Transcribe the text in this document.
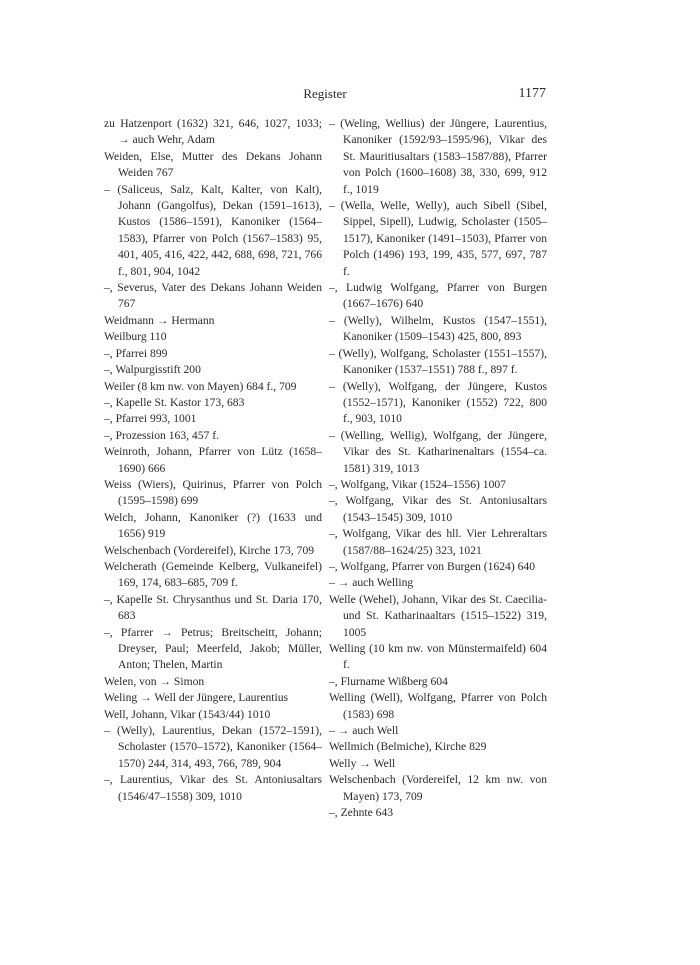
Register	1177

zu Hatzenport (1632) 321, 646, 1027, 1033; → auch Wehr, Adam

Weiden, Else, Mutter des Dekans Johann Weiden 767

– (Saliceus, Salz, Kalt, Kalter, von Kalt), Johann (Gangolfus), Dekan (1591–1613), Kustos (1586–1591), Kanoniker (1564–1583), Pfarrer von Polch (1567–1583) 95, 401, 405, 416, 422, 442, 688, 698, 721, 766 f., 801, 904, 1042

–, Severus, Vater des Dekans Johann Weiden 767

Weidmann → Hermann

Weilburg 110

–, Pfarrei 899

–, Walpurgisstift 200

Weiler (8 km nw. von Mayen) 684 f., 709

–, Kapelle St. Kastor 173, 683

–, Pfarrei 993, 1001

–, Prozession 163, 457 f.

Weinroth, Johann, Pfarrer von Lütz (1658–1690) 666

Weiss (Wiers), Quirinus, Pfarrer von Polch (1595–1598) 699

Welch, Johann, Kanoniker (?) (1633 und 1656) 919

Welschenbach (Vordereifel), Kirche 173, 709

Welcherath (Gemeinde Kelberg, Vulkaneifel) 169, 174, 683–685, 709 f.

–, Kapelle St. Chrysanthus und St. Daria 170, 683

–, Pfarrer → Petrus; Breitscheitt, Johann; Dreyser, Paul; Meerfeld, Jakob; Müller, Anton; Thelen, Martin

Welen, von → Simon

Weling → Well der Jüngere, Laurentius

Well, Johann, Vikar (1543/44) 1010

– (Welly), Laurentius, Dekan (1572–1591), Scholaster (1570–1572), Kanoniker (1564–1570) 244, 314, 493, 766, 789, 904

–, Laurentius, Vikar des St. Antoniusaltars (1546/47–1558) 309, 1010

– (Weling, Wellius) der Jüngere, Laurentius, Kanoniker (1592/93–1595/96), Vikar des St. Mauritiusaltars (1583–1587/88), Pfarrer von Polch (1600–1608) 38, 330, 699, 912 f., 1019

– (Wella, Welle, Welly), auch Sibell (Sibel, Sippel, Sipell), Ludwig, Scholaster (1505–1517), Kanoniker (1491–1503), Pfarrer von Polch (1496) 193, 199, 435, 577, 697, 787 f.

–, Ludwig Wolfgang, Pfarrer von Burgen (1667–1676) 640

– (Welly), Wilhelm, Kustos (1547–1551), Kanoniker (1509–1543) 425, 800, 893

– (Welly), Wolfgang, Scholaster (1551–1557), Kanoniker (1537–1551) 788 f., 897 f.

– (Welly), Wolfgang, der Jüngere, Kustos (1552–1571), Kanoniker (1552) 722, 800 f., 903, 1010

– (Welling, Wellig), Wolfgang, der Jüngere, Vikar des St. Katharinenaltars (1554–ca. 1581) 319, 1013

–, Wolfgang, Vikar (1524–1556) 1007

–, Wolfgang, Vikar des St. Antoniusaltars (1543–1545) 309, 1010

–, Wolfgang, Vikar des hll. Vier Lehreraltars (1587/88–1624/25) 323, 1021

–, Wolfgang, Pfarrer von Burgen (1624) 640

– → auch Welling

Welle (Wehel), Johann, Vikar des St. Caecilia- und St. Katharinaaltars (1515–1522) 319, 1005

Welling (10 km nw. von Münstermaifeld) 604 f.

–, Flurname Wißberg 604

Welling (Well), Wolfgang, Pfarrer von Polch (1583) 698

– → auch Well

Wellmich (Belmiche), Kirche 829

Welly → Well

Welschenbach (Vordereifel, 12 km nw. von Mayen) 173, 709

–, Zehnte 643
